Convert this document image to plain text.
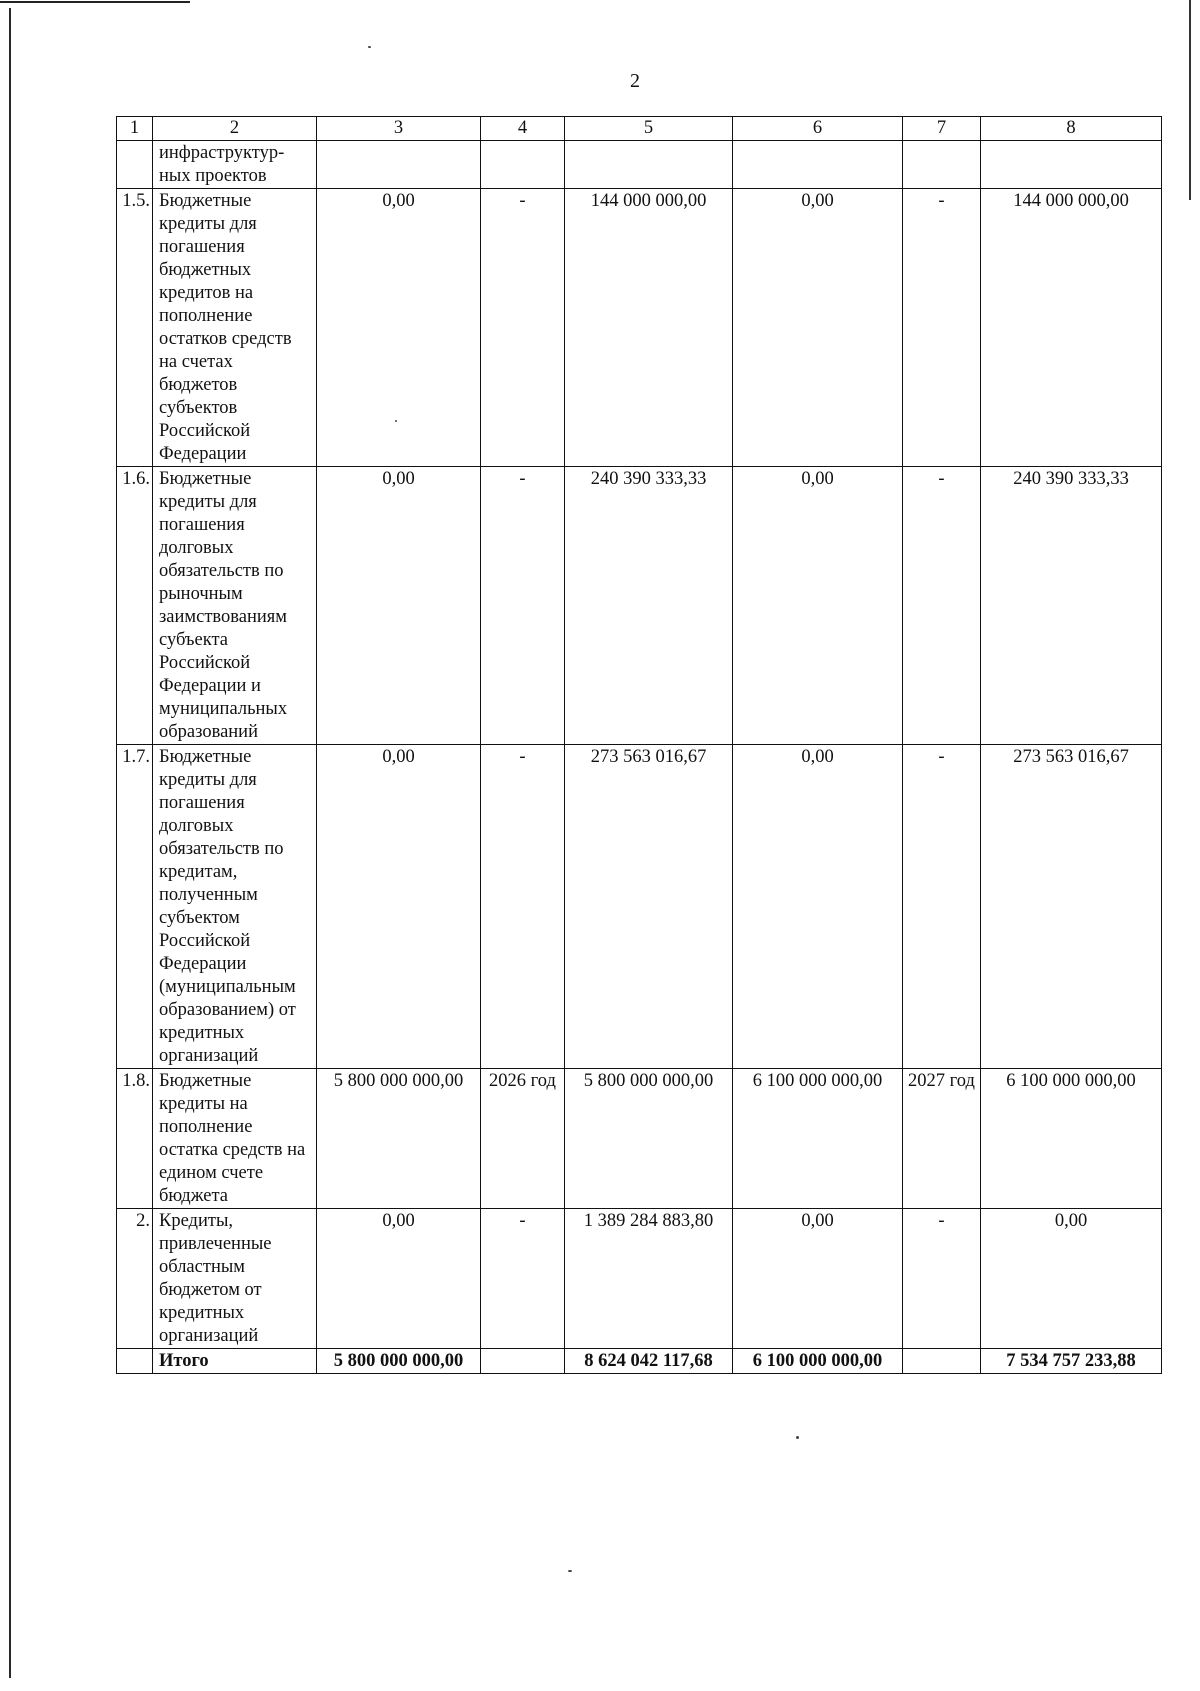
2
1	2	3	4	5	6	7	8
	инфраструктур-ных проектов						
1.5.	Бюджетные кредиты для погашения бюджетных кредитов на пополнение остатков средств на счетах бюджетов субъектов Российской Федерации	0,00	-	144 000 000,00	0,00	-	144 000 000,00
1.6.	Бюджетные кредиты для погашения долговых обязательств по рыночным заимствованиям субъекта Российской Федерации и муниципальных образований	0,00	-	240 390 333,33	0,00	-	240 390 333,33
1.7.	Бюджетные кредиты для погашения долговых обязательств по кредитам, полученным субъектом Российской Федерации (муниципальным образованием) от кредитных организаций	0,00	-	273 563 016,67	0,00	-	273 563 016,67
1.8.	Бюджетные кредиты на пополнение остатка средств на едином счете бюджета	5 800 000 000,00	2026 год	5 800 000 000,00	6 100 000 000,00	2027 год	6 100 000 000,00
2.	Кредиты, привлеченные областным бюджетом от кредитных организаций	0,00	-	1 389 284 883,80	0,00	-	0,00
	Итого	5 800 000 000,00		8 624 042 117,68	6 100 000 000,00		7 534 757 233,88
